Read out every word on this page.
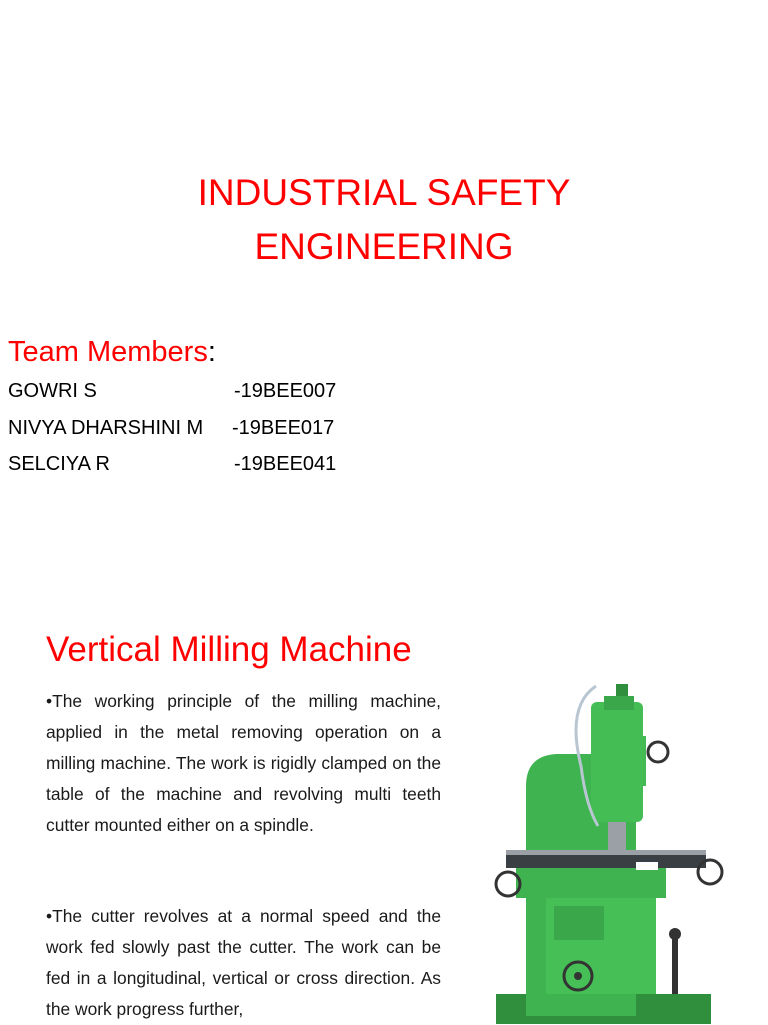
INDUSTRIAL SAFETY
ENGINEERING
Team Members:
GOWRI S	-19BEE007
NIVYA DHARSHINI M -19BEE017
SELCIYA R	-19BEE041
Vertical Milling Machine
•The working principle of the milling machine, applied in the metal removing operation on a milling machine. The work is rigidly clamped on the table of the machine and revolving multi teeth cutter mounted either on a spindle.
•The cutter revolves at a normal speed and the work fed slowly past the cutter. The work can be fed in a longitudinal, vertical or cross direction. As the work progress further,
